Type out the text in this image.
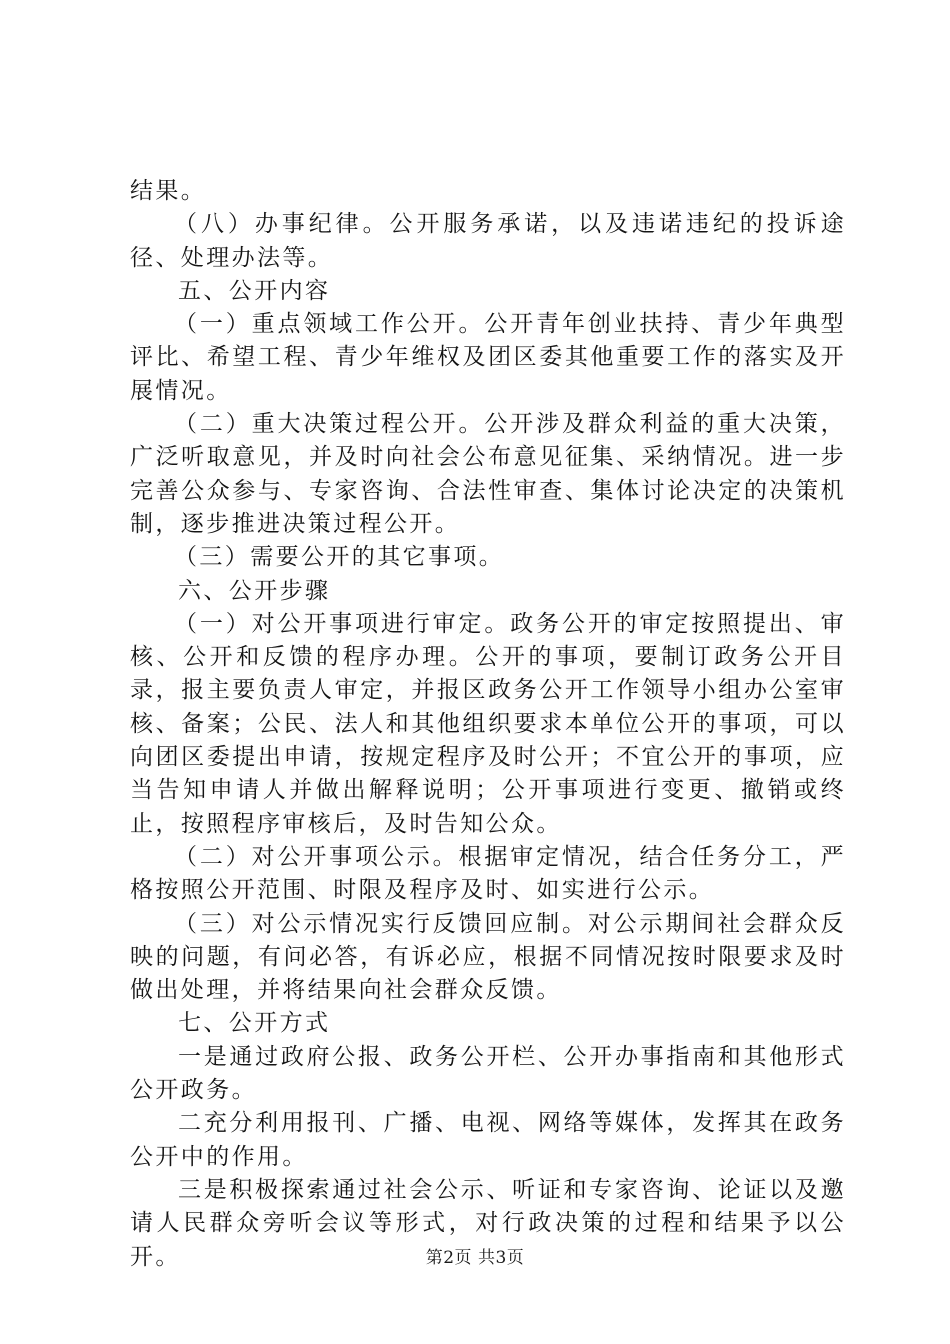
结果。

（八）办事纪律。公开服务承诺，以及违诺违纪的投诉途径、处理办法等。

五、公开内容

（一）重点领域工作公开。公开青年创业扶持、青少年典型评比、希望工程、青少年维权及团区委其他重要工作的落实及开展情况。

（二）重大决策过程公开。公开涉及群众利益的重大决策，广泛听取意见，并及时向社会公布意见征集、采纳情况。进一步完善公众参与、专家咨询、合法性审查、集体讨论决定的决策机制，逐步推进决策过程公开。

（三）需要公开的其它事项。

六、公开步骤

（一）对公开事项进行审定。政务公开的审定按照提出、审核、公开和反馈的程序办理。公开的事项，要制订政务公开目录，报主要负责人审定，并报区政务公开工作领导小组办公室审核、备案；公民、法人和其他组织要求本单位公开的事项，可以向团区委提出申请，按规定程序及时公开；不宜公开的事项，应当告知申请人并做出解释说明；公开事项进行变更、撤销或终止，按照程序审核后，及时告知公众。

（二）对公开事项公示。根据审定情况，结合任务分工，严格按照公开范围、时限及程序及时、如实进行公示。

（三）对公示情况实行反馈回应制。对公示期间社会群众反映的问题，有问必答，有诉必应，根据不同情况按时限要求及时做出处理，并将结果向社会群众反馈。

七、公开方式

一是通过政府公报、政务公开栏、公开办事指南和其他形式公开政务。

二充分利用报刊、广播、电视、网络等媒体，发挥其在政务公开中的作用。

三是积极探索通过社会公示、听证和专家咨询、论证以及邀请人民群众旁听会议等形式，对行政决策的过程和结果予以公开。	第2页 共3页
